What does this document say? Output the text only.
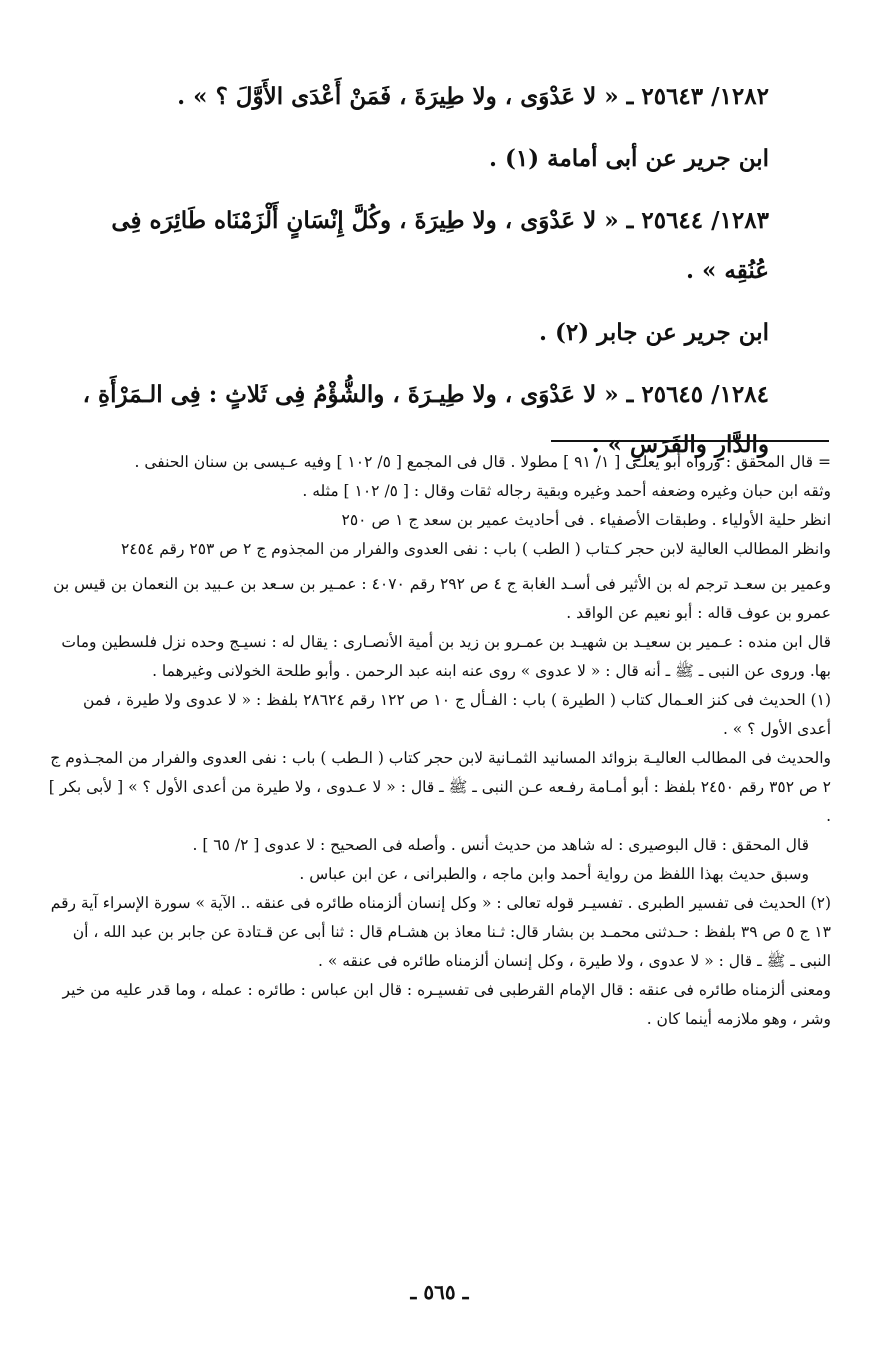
١٢٨٢/ ٢٥٦٤٣ ـ « لا عَدْوَى ، ولا طِيرَةَ ، فَمَنْ أَعْدَى الأَوَّلَ ؟ » .

ابن جرير عن أبى أمامة (١) .

١٢٨٣/ ٢٥٦٤٤ ـ « لا عَدْوَى ، ولا طِيرَةَ ، وكُلَّ إِنْسَانٍ أَلْزَمْنَاه طَائِرَه فِى عُنُقِه » .

ابن جرير عن جابر (٢) .

١٢٨٤/ ٢٥٦٤٥ ـ « لا عَدْوَى ، ولا طِيـرَةَ ، والشُّؤْمُ فِى ثَلاثٍ : فِى الـمَرْأَةِ ، والدَّارِ والفَرَسِ » .

= قال المحقق : ورواه أبو يعلـى [ ١/ ٩١ ] مطولا . قال فى المجمع [ ٥/ ١٠٢ ] وفيه عـيسى بن سنان الحنفى .

وثقه ابن حبان وغيره وضعفه أحمد وغيره وبقية رجاله ثقات وقال : [ ٥/ ١٠٢ ] مثله .

انظر حلية الأولياء . وطبقات الأصفياء . فى أحاديث عمير بن سعد ج ١ ص ٢٥٠

وانظر المطالب العالية لابن حجر كـتاب ( الطب ) باب : نفى العدوى والفرار من المجذوم ج ٢ ص ٢٥٣ رقم ٢٤٥٤

وعمير بن سعـد ترجم له بن الأثير فى أسـد الغابة ج ٤ ص ٢٩٢ رقم ٤٠٧٠ : عمـير بن سـعد بن عـبيد بن النعمان بن قيس بن عمرو بن عوف قاله : أبو نعيم عن الواقد .

قال ابن منده : عـمير بن سعيـد بن شهيـد بن عمـرو بن زيد بن أمية الأنصـارى : يقال له : نسيـج وحده نزل فلسطين ومات بها. وروى عن النبى ـ ﷺ ـ أنه قال : « لا عدوى » روى عنه ابنه عبد الرحمن . وأبو طلحة الخولانى وغيرهما .

(١) الحديث فى كنز العـمال كتاب ( الطيرة ) باب : الفـأل ج ١٠ ص ١٢٢ رقم ٢٨٦٢٤ بلفظ : « لا عدوى ولا طيرة ، فمن أعدى الأول ؟ » .

والحديث فى المطالب العاليـة بزوائد المسانيد الثمـانية لابن حجر كتاب ( الـطب ) باب : نفى العدوى والفرار من المجـذوم ج ٢ ص ٣٥٢ رقم ٢٤٥٠ بلفظ : أبو أمـامة رفـعه عـن النبى ـ ﷺ ـ قال : « لا عـدوى ، ولا طيرة من أعدى الأول ؟ » [ لأبى بكر ] .

قال المحقق : قال البوصيرى : له شاهد من حديث أنس . وأصله فى الصحيح : لا عدوى [ ٢/ ٦٥ ] .

وسبق حديث بهذا اللفظ من رواية أحمد وابن ماجه ، والطبرانى ، عن ابن عباس .

(٢) الحديث فى تفسير الطبرى . تفسيـر قوله تعالى : « وكل إنسان ألزمناه طائره فى عنقه .. الآية » سورة الإسراء آية رقم ١٣ ج ٥ ص ٣٩ بلفظ : حـدثنى محمـد بن بشار قال: ثـنا معاذ بن هشـام قال : ثنا أبى عن قـتادة عن جابر بن عبد الله ، أن النبى ـ ﷺ ـ قال : « لا عدوى ، ولا طيرة ، وكل إنسان ألزمناه طائره فى عنقه » .

ومعنى ألزمناه طائره فى عنقه : قال الإمام القرطبى فى تفسيـره : قال ابن عباس : طائره : عمله ، وما قدر عليه من خير وشر ، وهو ملازمه أينما كان .

ـ ٥٦٥ ـ
